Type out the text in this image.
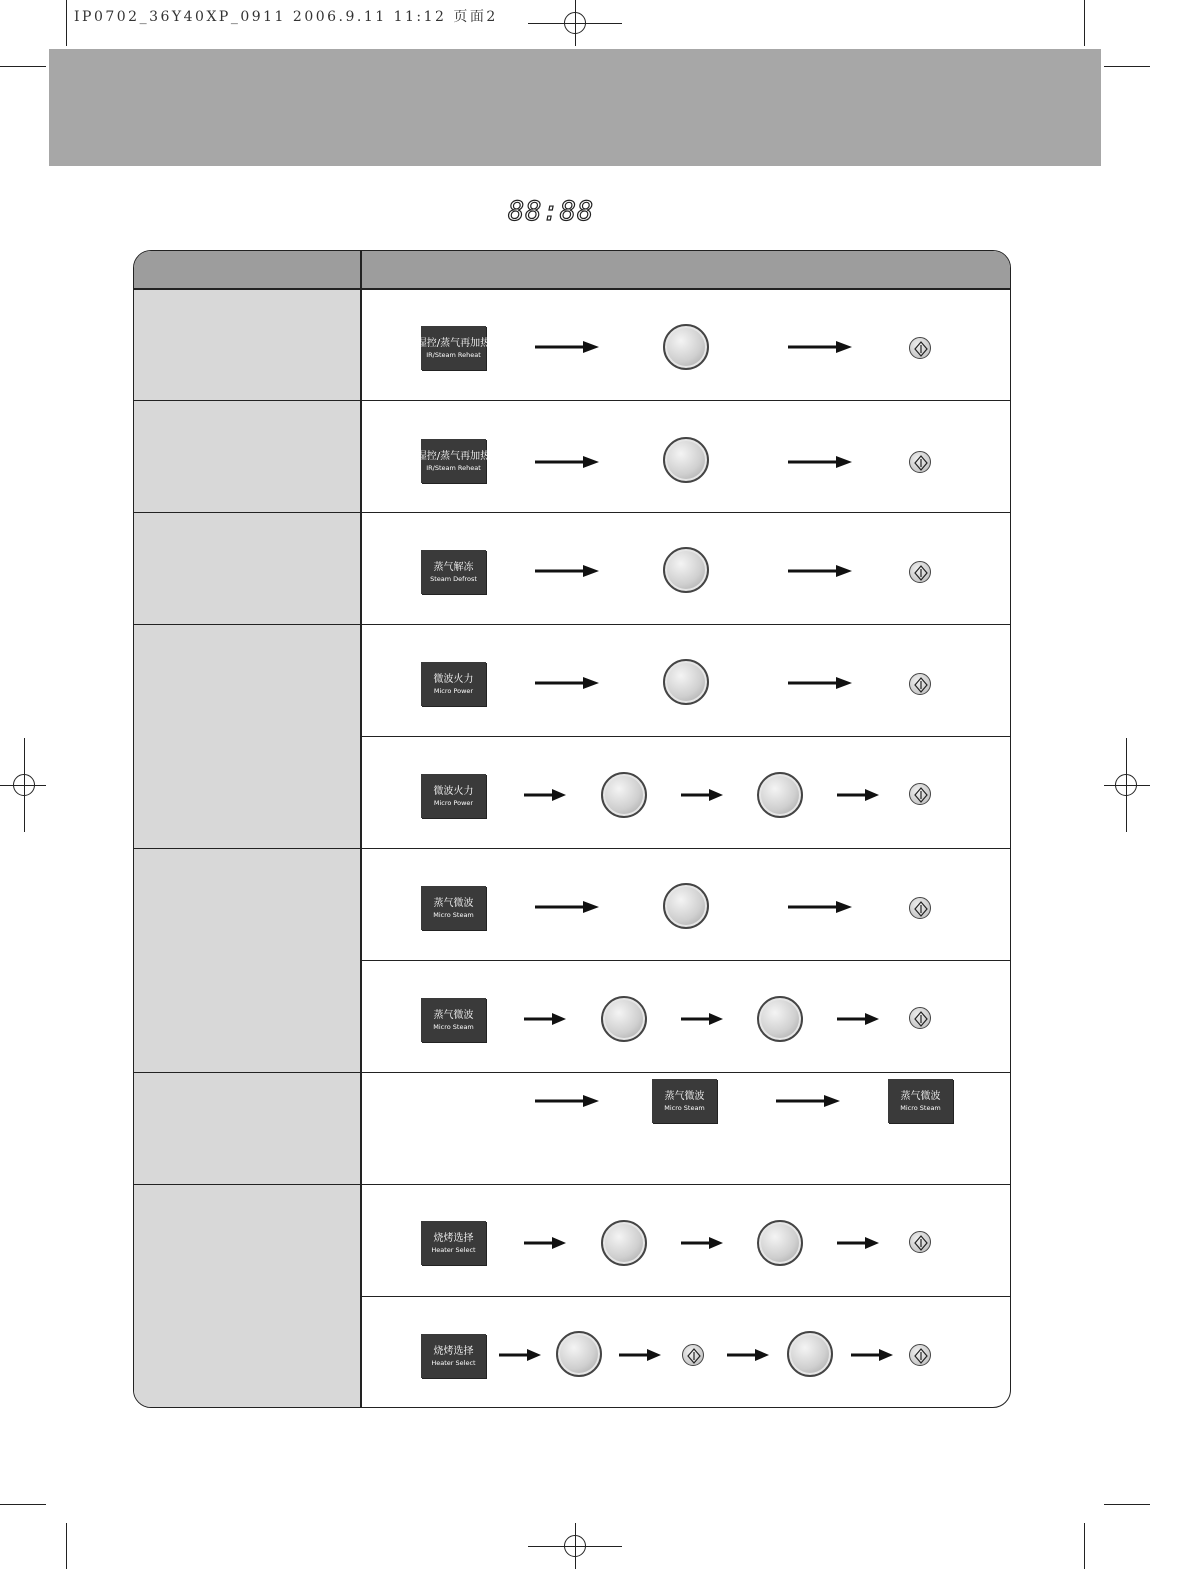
IP0702_36Y40XP_0911 2006.9.11 11:12 页面2
88:88
湿控/蒸气再加热
IR/Steam Reheat
湿控/蒸气再加热
IR/Steam Reheat
蒸气解冻
Steam Defrost
微波火力
Micro Power
微波火力
Micro Power
蒸气微波
Micro Steam
蒸气微波
Micro Steam
蒸气微波
Micro Steam
蒸气微波
Micro Steam
烧烤选择
Heater Select
烧烤选择
Heater Select
